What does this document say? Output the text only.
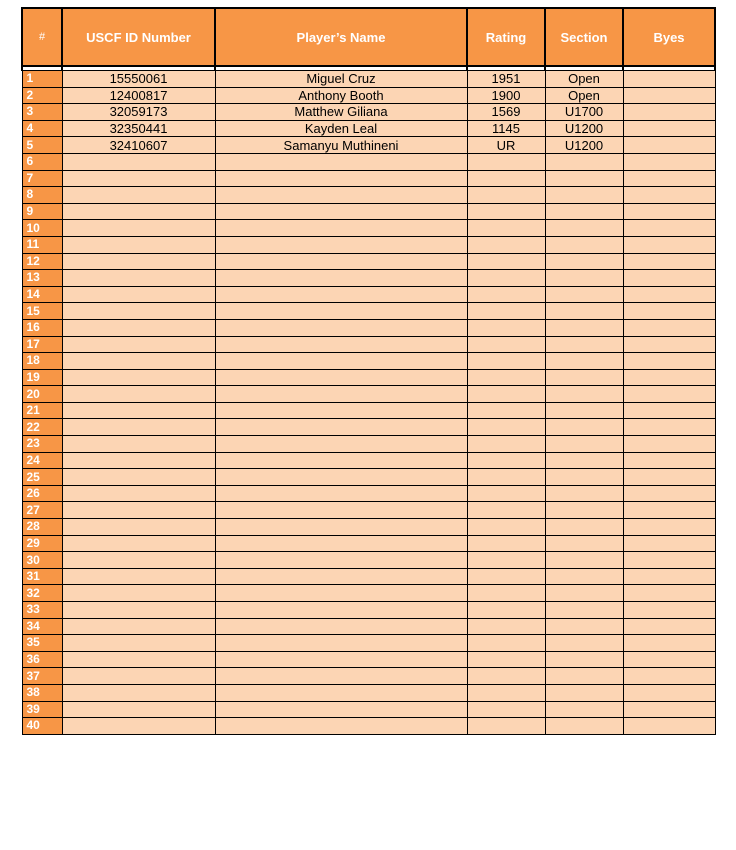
#	USCF ID Number	Player’s Name	Rating	Section	Byes

1	15550061	Miguel Cruz	1951	Open	
2	12400817	Anthony Booth	1900	Open	
3	32059173	Matthew Giliana	1569	U1700	
4	32350441	Kayden Leal	1145	U1200	
5	32410607	Samanyu Muthineni	UR	U1200	
6					
7					
8					
9					
10					
11					
12					
13					
14					
15					
16					
17					
18					
19					
20					
21					
22					
23					
24					
25					
26					
27					
28					
29					
30					
31					
32					
33					
34					
35					
36					
37					
38					
39					
40					
